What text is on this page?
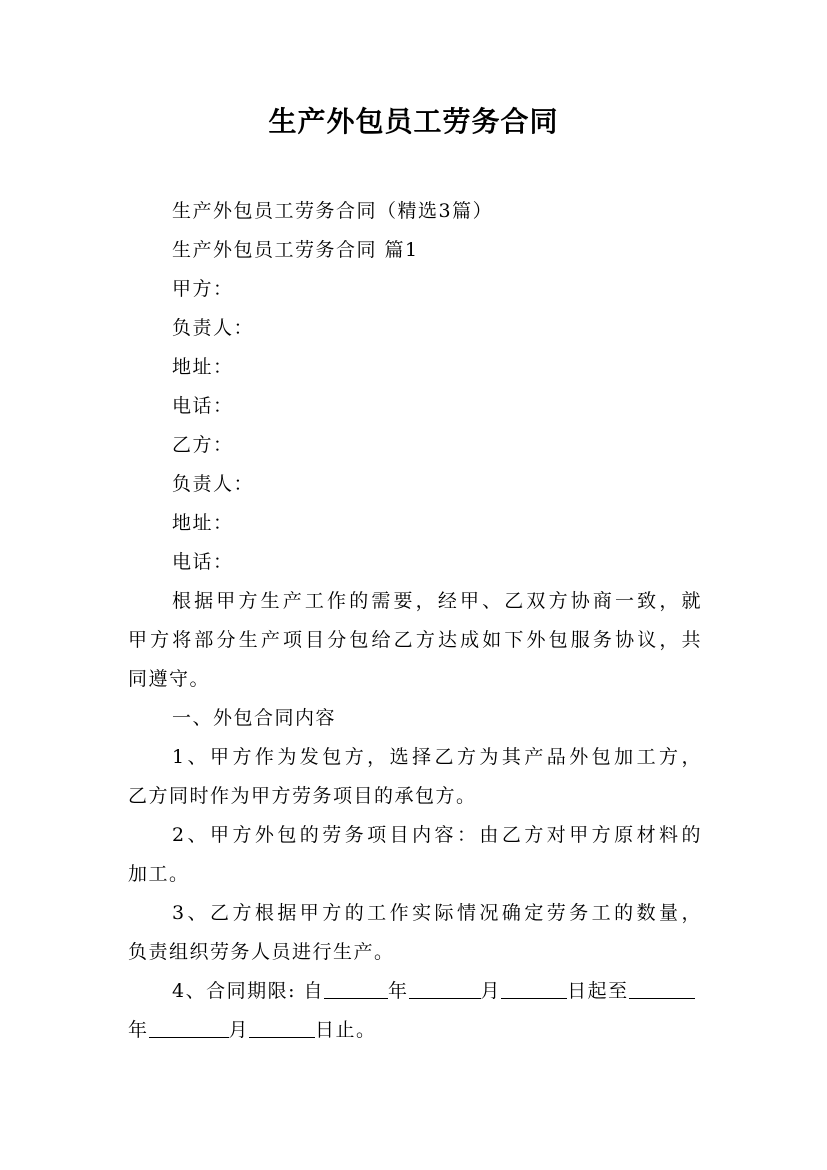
生产外包员工劳务合同
生产外包员工劳务合同（精选3篇）
生产外包员工劳务合同 篇1
甲方：
负责人：
地址：
电话：
乙方：
负责人：
地址：
电话：
根据甲方生产工作的需要，经甲、乙双方协商一致，就
甲方将部分生产项目分包给乙方达成如下外包服务协议，共
同遵守。
一、外包合同内容
1、甲方作为发包方，选择乙方为其产品外包加工方，
乙方同时作为甲方劳务项目的承包方。
2、甲方外包的劳务项目内容：由乙方对甲方原材料的
加工。
3、乙方根据甲方的工作实际情况确定劳务工的数量，
负责组织劳务人员进行生产。
4、合同期限: 自	年	月	日起至
年	月	日止。
